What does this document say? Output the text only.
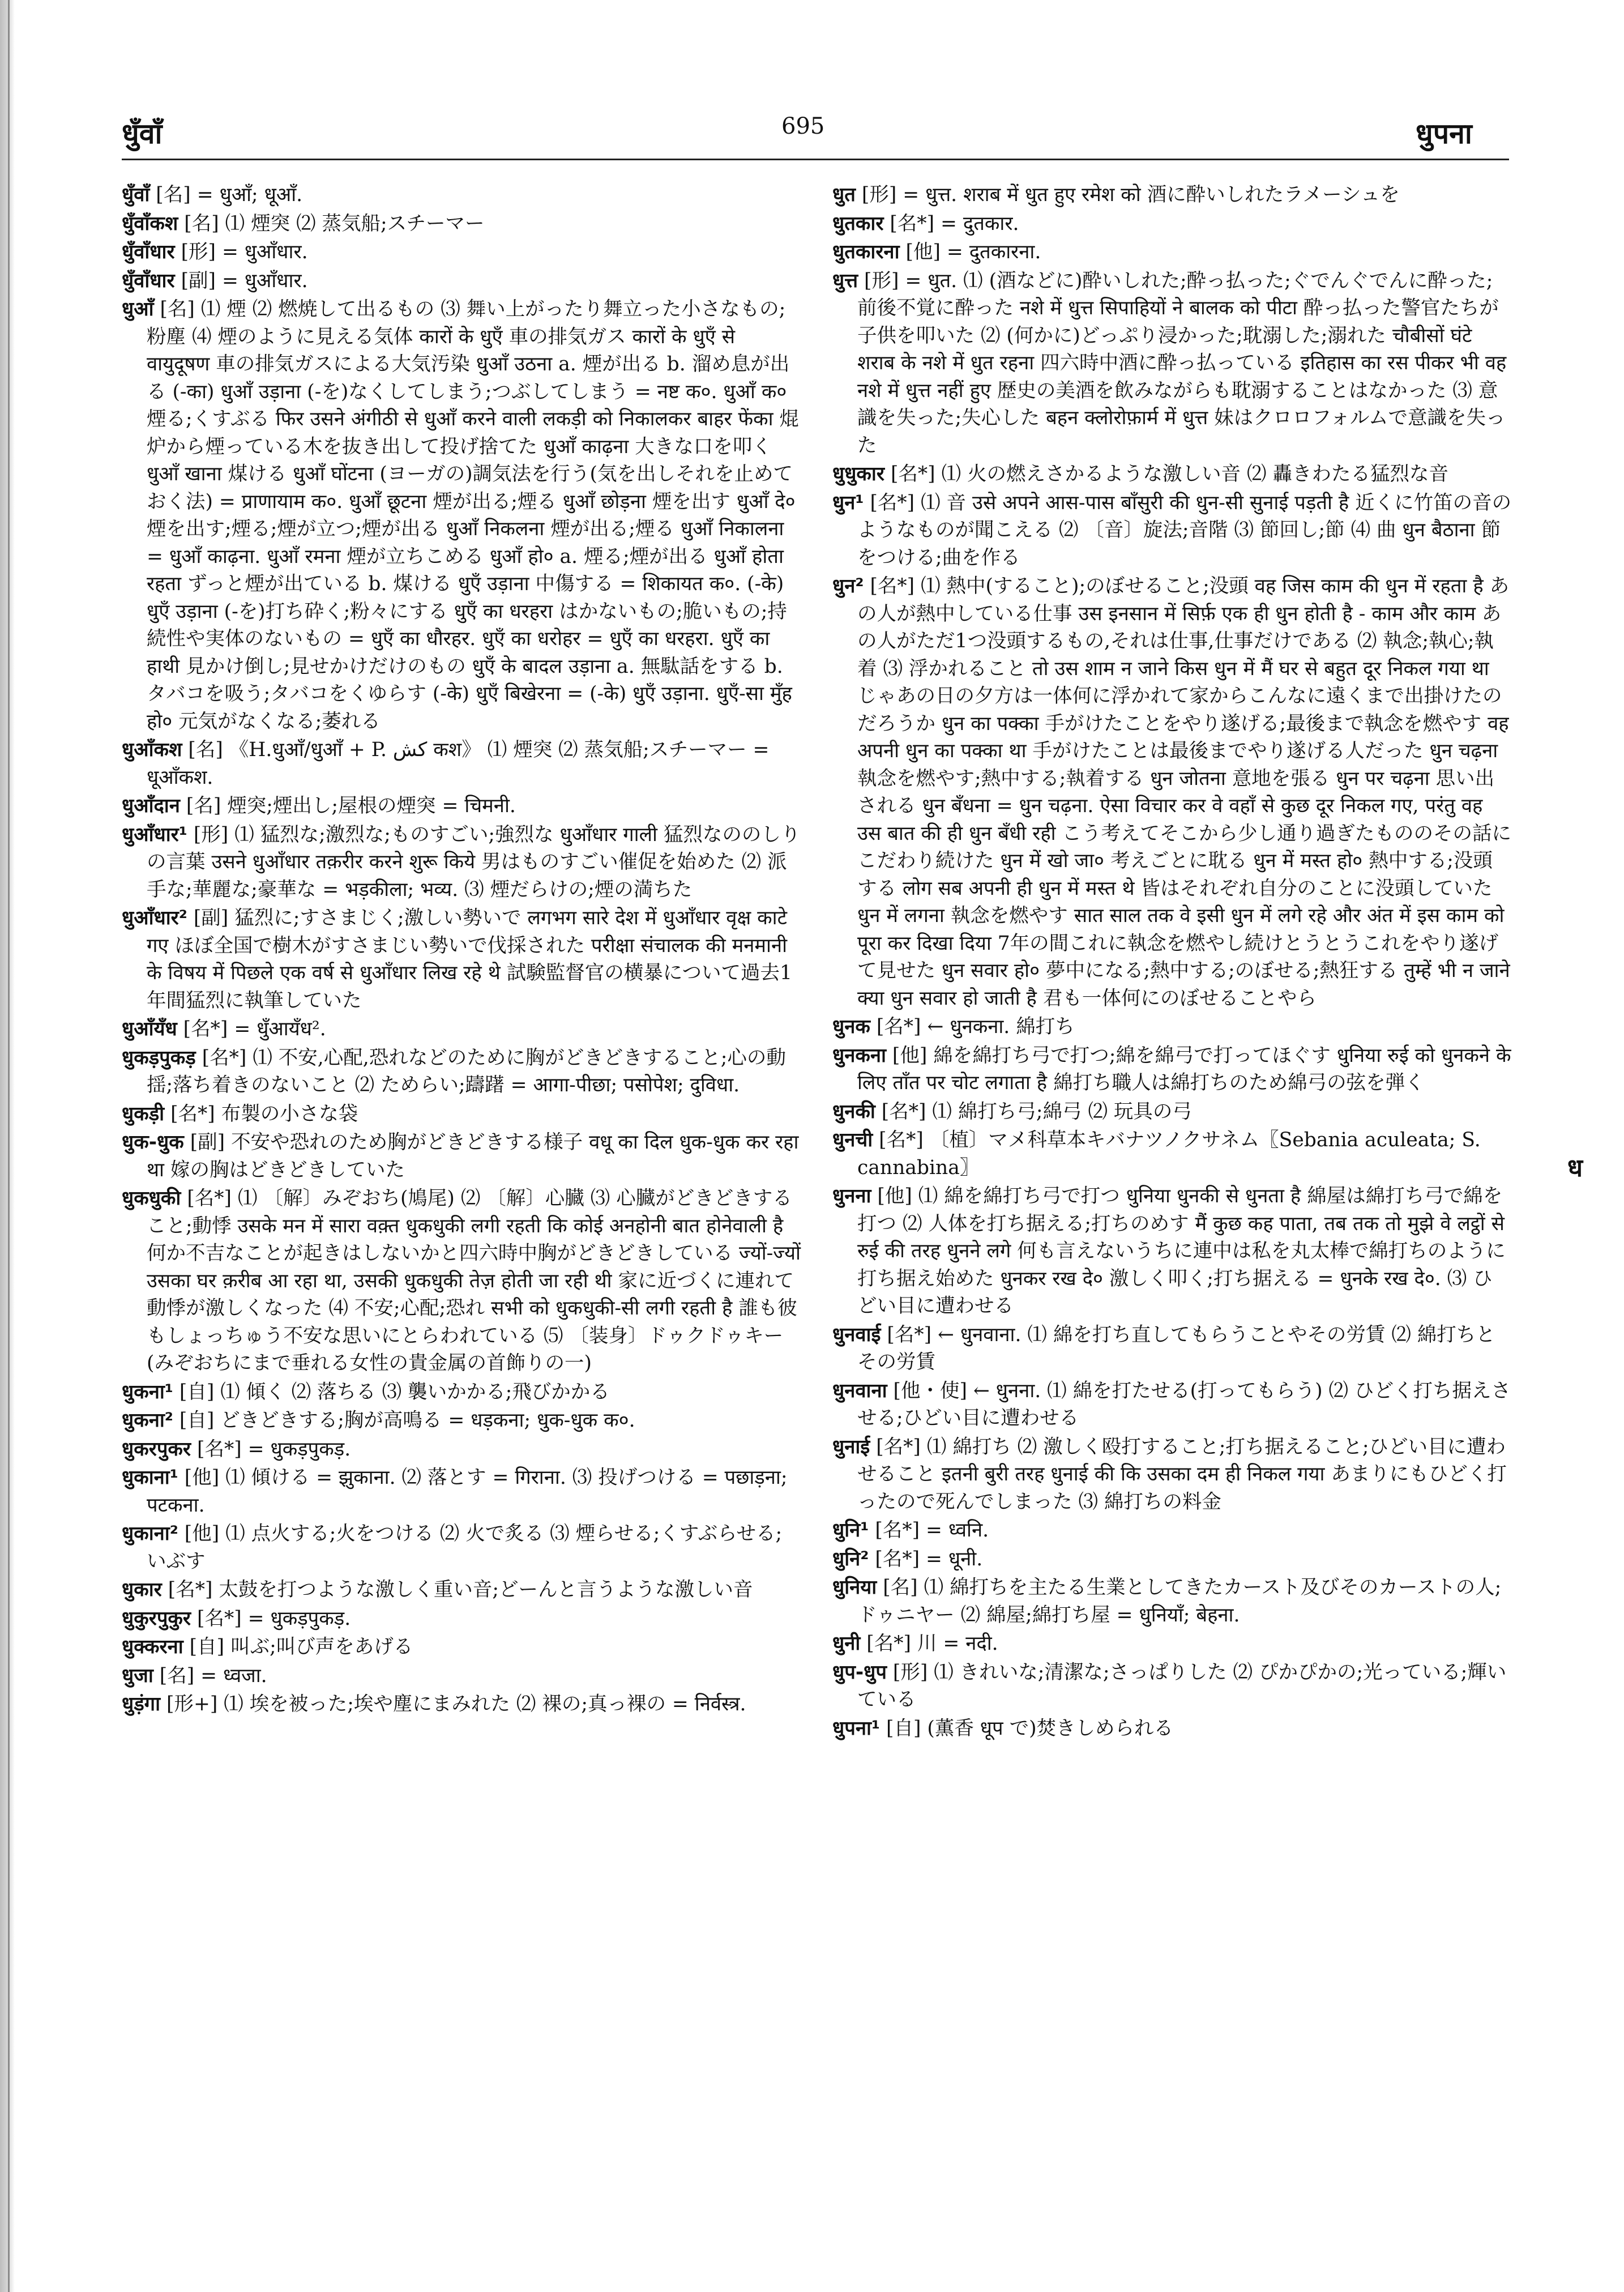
धुँवाँ	695	धुपना

धुँवाँ [名] = धुआँ; धूआँ.

धुँवाँकश [名] ⑴ 煙突 ⑵ 蒸気船;スチーマー

धुँवाँधार [形] = धुआँधार.

धुँवाँधार [副] = धुआँधार.

धुआँ [名] ⑴ 煙 ⑵ 燃焼して出るもの ⑶ 舞い上がったり舞立った小さなもの;粉塵 ⑷ 煙のように見える気体 कारों के धुएँ 車の排気ガス कारों के धुएँ से वायुदूषण 車の排気ガスによる大気汚染 धुआँ उठना a. 煙が出る b. 溜め息が出る (-का) धुआँ उड़ाना (-を)なくしてしまう;つぶしてしまう = नष्ट क०. धुआँ क० 煙る;くすぶる फिर उसने अंगीठी से धुआँ करने वाली लकड़ी को निकालकर बाहर फेंका 焜炉から煙っている木を抜き出して投げ捨てた धुआँ काढ़ना 大きな口を叩く धुआँ खाना 煤ける धुआँ घोंटना (ヨーガの)調気法を行う(気を出しそれを止めておく法) = प्राणायाम क०. धुआँ छूटना 煙が出る;煙る धुआँ छोड़ना 煙を出す धुआँ दे० 煙を出す;煙る;煙が立つ;煙が出る धुआँ निकलना 煙が出る;煙る धुआँ निकालना = धुआँ काढ़ना. धुआँ रमना 煙が立ちこめる धुआँ हो० a. 煙る;煙が出る धुआँ होता रहता ずっと煙が出ている b. 煤ける धुएँ उड़ाना 中傷する = शिकायत क०. (-के) धुएँ उड़ाना (-を)打ち砕く;粉々にする धुएँ का धरहरा はかないもの;脆いもの;持続性や実体のないもの = धुएँ का धौरहर. धुएँ का धरोहर = धुएँ का धरहरा. धुएँ का हाथी 見かけ倒し;見せかけだけのもの धुएँ के बादल उड़ाना a. 無駄話をする b. タバコを吸う;タバコをくゆらす (-के) धुएँ बिखेरना = (-के) धुएँ उड़ाना. धुएँ-सा मुँह हो० 元気がなくなる;萎れる

धुआँकश [名] 《H.धुआँ/धुआँ + P. کش कश》 ⑴ 煙突 ⑵ 蒸気船;スチーマー = धूआँकश.

धुआँदान [名] 煙突;煙出し;屋根の煙突 = चिमनी.

धुआँधार¹ [形] ⑴ 猛烈な;激烈な;ものすごい;強烈な धुआँधार गाली 猛烈なののしりの言葉 उसने धुआँधार तक़रीर करने शुरू किये 男はものすごい催促を始めた ⑵ 派手な;華麗な;豪華な = भड़कीला; भव्य. ⑶ 煙だらけの;煙の満ちた

धुआँधार² [副] 猛烈に;すさまじく;激しい勢いで लगभग सारे देश में धुआँधार वृक्ष काटे गए ほぼ全国で樹木がすさまじい勢いで伐採された परीक्षा संचालक की मनमानी के विषय में पिछले एक वर्ष से धुआँधार लिख रहे थे 試験監督官の横暴について過去1年間猛烈に執筆していた

धुआँयँध [名*] = धुँआयँध².

धुकड़पुकड़ [名*] ⑴ 不安,心配,恐れなどのために胸がどきどきすること;心の動揺;落ち着きのないこと ⑵ ためらい;躊躇 = आगा-पीछा; पसोपेश; दुविधा.

धुकड़ी [名*] 布製の小さな袋

धुक-धुक [副] 不安や恐れのため胸がどきどきする様子 वधू का दिल धुक-धुक कर रहा था 嫁の胸はどきどきしていた

धुकधुकी [名*] ⑴ 〔解〕みぞおち(鳩尾) ⑵ 〔解〕心臓 ⑶ 心臓がどきどきすること;動悸 उसके मन में सारा वक़्त धुकधुकी लगी रहती कि कोई अनहोनी बात होनेवाली है 何か不吉なことが起きはしないかと四六時中胸がどきどきしている ज्यों-ज्यों उसका घर क़रीब आ रहा था, उसकी धुकधुकी तेज़ होती जा रही थी 家に近づくに連れて動悸が激しくなった ⑷ 不安;心配;恐れ सभी को धुकधुकी-सी लगी रहती है 誰も彼もしょっちゅう不安な思いにとらわれている ⑸ 〔装身〕ドゥクドゥキー(みぞおちにまで垂れる女性の貴金属の首飾りの一)

धुकना¹ [自] ⑴ 傾く ⑵ 落ちる ⑶ 襲いかかる;飛びかかる

धुकना² [自] どきどきする;胸が高鳴る = धड़कना; धुक-धुक क०.

धुकरपुकर [名*] = धुकड़पुकड़.

धुकाना¹ [他] ⑴ 傾ける = झुकाना. ⑵ 落とす = गिराना. ⑶ 投げつける = पछाड़ना; पटकना.

धुकाना² [他] ⑴ 点火する;火をつける ⑵ 火で炙る ⑶ 煙らせる;くすぶらせる;いぶす

धुकार [名*] 太鼓を打つような激しく重い音;どーんと言うような激しい音

धुकुरपुकुर [名*] = धुकड़पुकड़.

धुक्करना [自] 叫ぶ;叫び声をあげる

धुजा [名] = ध्वजा.

धुड़ंगा [形+] ⑴ 埃を被った;埃や塵にまみれた ⑵ 裸の;真っ裸の = निर्वस्त्र.

धुत [形] = धुत्त. शराब में धुत हुए रमेश को 酒に酔いしれたラメーシュを

धुतकार [名*] = दुतकार.

धुतकारना [他] = दुतकारना.

धुत्त [形] = धुत. ⑴ (酒などに)酔いしれた;酔っ払った;ぐでんぐでんに酔った;前後不覚に酔った नशे में धुत्त सिपाहियों ने बालक को पीटा 酔っ払った警官たちが子供を叩いた ⑵ (何かに)どっぷり浸かった;耽溺した;溺れた चौबीसों घंटे शराब के नशे में धुत रहना 四六時中酒に酔っ払っている इतिहास का रस पीकर भी वह नशे में धुत्त नहीं हुए 歴史の美酒を飲みながらも耽溺することはなかった ⑶ 意識を失った;失心した बहन क्लोरोफ़ार्म में धुत्त 妹はクロロフォルムで意識を失った

धुधुकार [名*] ⑴ 火の燃えさかるような激しい音 ⑵ 轟きわたる猛烈な音

धुन¹ [名*] ⑴ 音 उसे अपने आस-पास बाँसुरी की धुन-सी सुनाई पड़ती है 近くに竹笛の音のようなものが聞こえる ⑵ 〔音〕旋法;音階 ⑶ 節回し;節 ⑷ 曲 धुन बैठाना 節をつける;曲を作る

धुन² [名*] ⑴ 熱中(すること);のぼせること;没頭 वह जिस काम की धुन में रहता है あの人が熱中している仕事 उस इनसान में सिर्फ़ एक ही धुन होती है - काम और काम あの人がただ1つ没頭するもの,それは仕事,仕事だけである ⑵ 執念;執心;執着 ⑶ 浮かれること तो उस शाम न जाने किस धुन में मैं घर से बहुत दूर निकल गया था じゃあの日の夕方は一体何に浮かれて家からこんなに遠くまで出掛けたのだろうか धुन का पक्का 手がけたことをやり遂げる;最後まで執念を燃やす वह अपनी धुन का पक्का था 手がけたことは最後までやり遂げる人だった धुन चढ़ना 執念を燃やす;熱中する;執着する धुन जोतना 意地を張る धुन पर चढ़ना 思い出される धुन बँधना = धुन चढ़ना. ऐसा विचार कर वे वहाँ से कुछ दूर निकल गए, परंतु वह उस बात की ही धुन बँधी रही こう考えてそこから少し通り過ぎたもののその話にこだわり続けた धुन में खो जा० 考えごとに耽る धुन में मस्त हो० 熱中する;没頭する लोग सब अपनी ही धुन में मस्त थे 皆はそれぞれ自分のことに没頭していた धुन में लगना 執念を燃やす सात साल तक वे इसी धुन में लगे रहे और अंत में इस काम को पूरा कर दिखा दिया 7年の間これに執念を燃やし続けとうとうこれをやり遂げて見せた धुन सवार हो० 夢中になる;熱中する;のぼせる;熱狂する तुम्हें भी न जाने क्या धुन सवार हो जाती है 君も一体何にのぼせることやら

धुनक [名*] ← धुनकना. 綿打ち

धुनकना [他] 綿を綿打ち弓で打つ;綿を綿弓で打ってほぐす धुनिया रुई को धुनकने के लिए ताँत पर चोट लगाता है 綿打ち職人は綿打ちのため綿弓の弦を弾く

धुनकी [名*] ⑴ 綿打ち弓;綿弓 ⑵ 玩具の弓

धुनची [名*] 〔植〕マメ科草本キバナツノクサネム〖Sebania aculeata; S. cannabina〗

धुनना [他] ⑴ 綿を綿打ち弓で打つ धुनिया धुनकी से धुनता है 綿屋は綿打ち弓で綿を打つ ⑵ 人体を打ち据える;打ちのめす मैं कुछ कह पाता, तब तक तो मुझे वे लट्ठों से रुई की तरह धुनने लगे 何も言えないうちに連中は私を丸太棒で綿打ちのように打ち据え始めた धुनकर रख दे० 激しく叩く;打ち据える = धुनके रख दे०. ⑶ ひどい目に遭わせる

धुनवाई [名*] ← धुनवाना. ⑴ 綿を打ち直してもらうことやその労賃 ⑵ 綿打ちとその労賃

धुनवाना [他・使] ← धुनना. ⑴ 綿を打たせる(打ってもらう) ⑵ ひどく打ち据えさせる;ひどい目に遭わせる

धुनाई [名*] ⑴ 綿打ち ⑵ 激しく殴打すること;打ち据えること;ひどい目に遭わせること इतनी बुरी तरह धुनाई की कि उसका दम ही निकल गया あまりにもひどく打ったので死んでしまった ⑶ 綿打ちの料金

धुनि¹ [名*] = ध्वनि.

धुनि² [名*] = धूनी.

धुनिया [名] ⑴ 綿打ちを主たる生業としてきたカースト及びそのカーストの人;ドゥニヤー ⑵ 綿屋;綿打ち屋 = धुनियाँ; बेहना.

धुनी [名*] 川 = नदी.

धुप-धुप [形] ⑴ きれいな;清潔な;さっぱりした ⑵ ぴかぴかの;光っている;輝いている

धुपना¹ [自] (薫香 धूप で)焚きしめられる

ध
